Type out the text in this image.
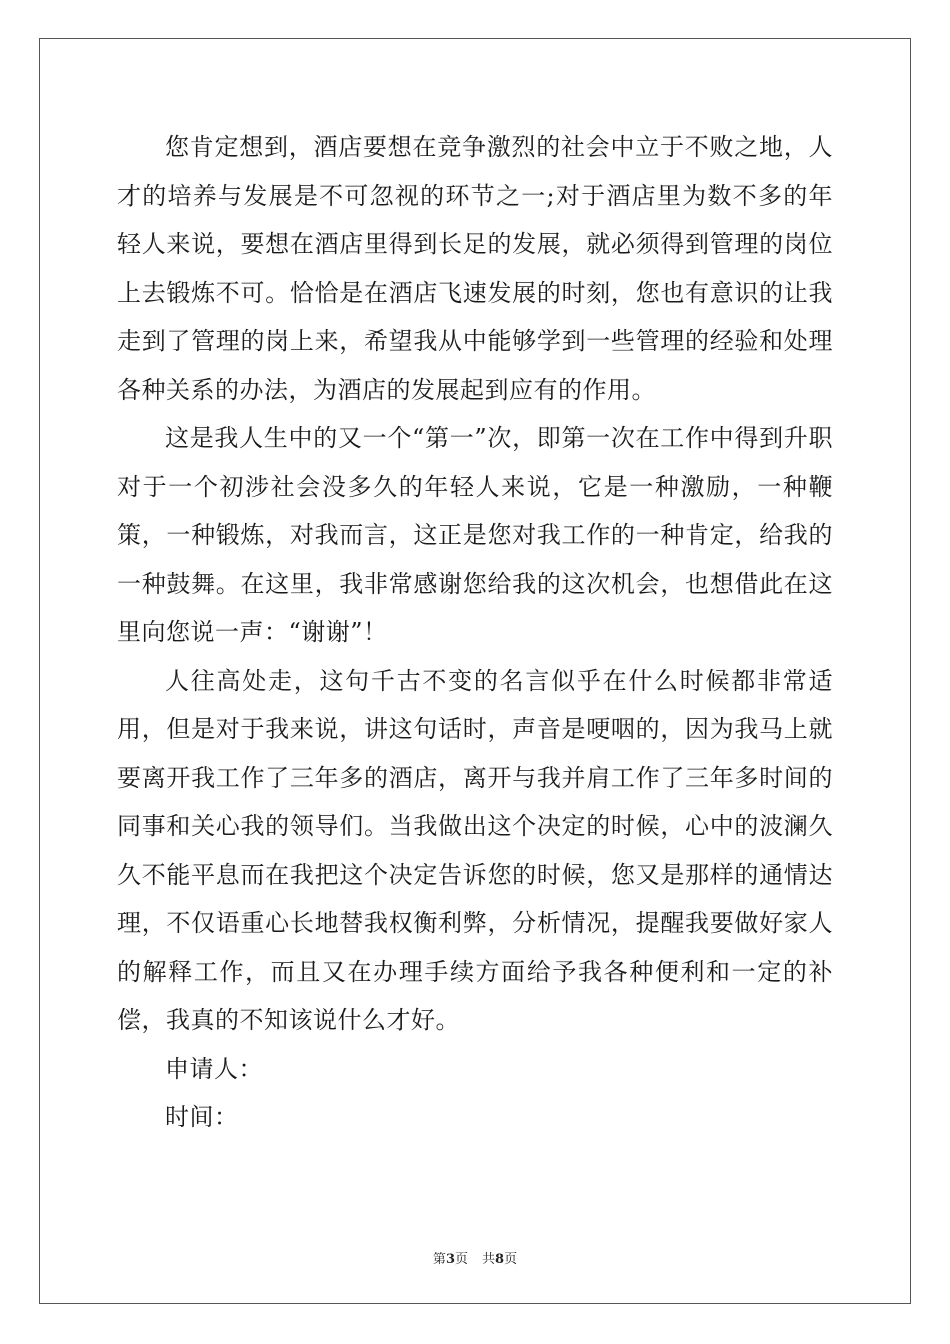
您肯定想到，酒店要想在竞争激烈的社会中立于不败之地，人才的培养与发展是不可忽视的环节之一;对于酒店里为数不多的年轻人来说，要想在酒店里得到长足的发展，就必须得到管理的岗位上去锻炼不可。恰恰是在酒店飞速发展的时刻，您也有意识的让我走到了管理的岗上来，希望我从中能够学到一些管理的经验和处理各种关系的办法，为酒店的发展起到应有的作用。

这是我人生中的又一个“第一”次，即第一次在工作中得到升职对于一个初涉社会没多久的年轻人来说，它是一种激励，一种鞭策，一种锻炼，对我而言，这正是您对我工作的一种肯定，给我的一种鼓舞。在这里，我非常感谢您给我的这次机会，也想借此在这里向您说一声：“谢谢”！

人往高处走，这句千古不变的名言似乎在什么时候都非常适用，但是对于我来说，讲这句话时，声音是哽咽的，因为我马上就要离开我工作了三年多的酒店，离开与我并肩工作了三年多时间的同事和关心我的领导们。当我做出这个决定的时候，心中的波澜久久不能平息而在我把这个决定告诉您的时候，您又是那样的通情达理，不仅语重心长地替我权衡利弊，分析情况，提醒我要做好家人的解释工作，而且又在办理手续方面给予我各种便利和一定的补偿，我真的不知该说什么才好。

申请人：

时间：

第3页 共8页
